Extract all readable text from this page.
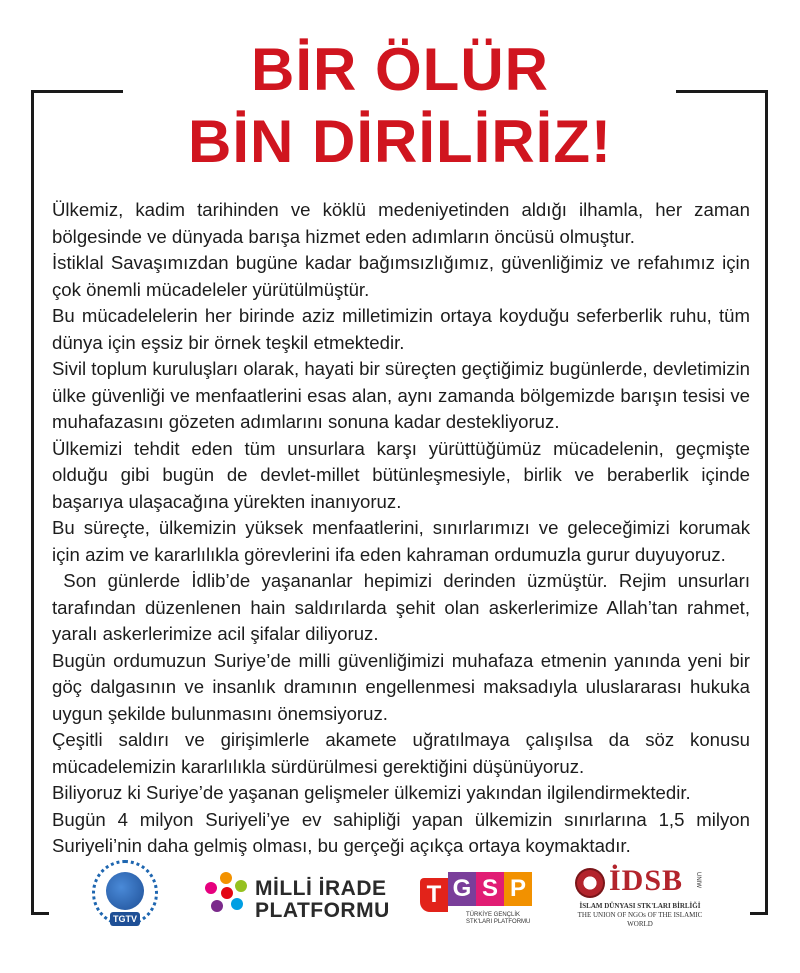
BİR ÖLÜR
BİN DİRİLİRİZ!

Ülkemiz, kadim tarihinden ve köklü medeniyetinden aldığı ilhamla, her zaman bölgesinde ve dünyada barışa hizmet eden adımların öncüsü olmuştur.

İstiklal Savaşımızdan bugüne kadar bağımsızlığımız, güvenliğimiz ve refahımız için çok önemli mücadeleler yürütülmüştür.

Bu mücadelelerin her birinde aziz milletimizin ortaya koyduğu seferberlik ruhu, tüm dünya için eşsiz bir örnek teşkil etmektedir.

Sivil toplum kuruluşları olarak, hayati bir süreçten geçtiğimiz bugünlerde, devletimizin ülke güvenliği ve menfaatlerini esas alan, aynı zamanda bölgemizde barışın tesisi ve muhafazasını gözeten adımlarını sonuna kadar destekliyoruz.

Ülkemizi tehdit eden tüm unsurlara karşı yürüttüğümüz mücadelenin, geçmişte olduğu gibi bugün de devlet-millet bütünleşmesiyle, birlik ve beraberlik içinde başarıya ulaşacağına yürekten inanıyoruz.

Bu süreçte, ülkemizin yüksek menfaatlerini, sınırlarımızı ve geleceğimizi korumak için azim ve kararlılıkla görevlerini ifa eden kahraman ordumuzla gurur duyuyoruz.

Son günlerde İdlib’de yaşananlar hepimizi derinden üzmüştür. Rejim unsurları tarafından düzenlenen hain saldırılarda şehit olan askerlerimize Allah’tan rahmet, yaralı askerlerimize acil şifalar diliyoruz.

Bugün ordumuzun Suriye’de milli güvenliğimizi muhafaza etmenin yanında yeni bir göç dalgasının ve insanlık dramının engellenmesi maksadıyla uluslararası hukuka uygun şekilde bulunmasını önemsiyoruz.

Çeşitli saldırı ve girişimlerle akamete uğratılmaya çalışılsa da söz konusu mücadelemizin kararlılıkla sürdürülmesi gerektiğini düşünüyoruz.

Biliyoruz ki Suriye’de yaşanan gelişmeler ülkemizi yakından ilgilendirmektedir.

Bugün 4 milyon Suriyeli’ye ev sahipliği yapan ülkemizin sınırlarına 1,5 milyon Suriyeli’nin daha gelmiş olması, bu gerçeği açıkça ortaya koymaktadır.

TGTV
MİLLİ İRADE
PLATFORMU
T G S P
TÜRKİYE GENÇLİK STK'LARI PLATFORMU
İDSB UNIW
İSLAM DÜNYASI STK'LARI BİRLİĞİ
THE UNION OF NGOs OF THE ISLAMIC WORLD
